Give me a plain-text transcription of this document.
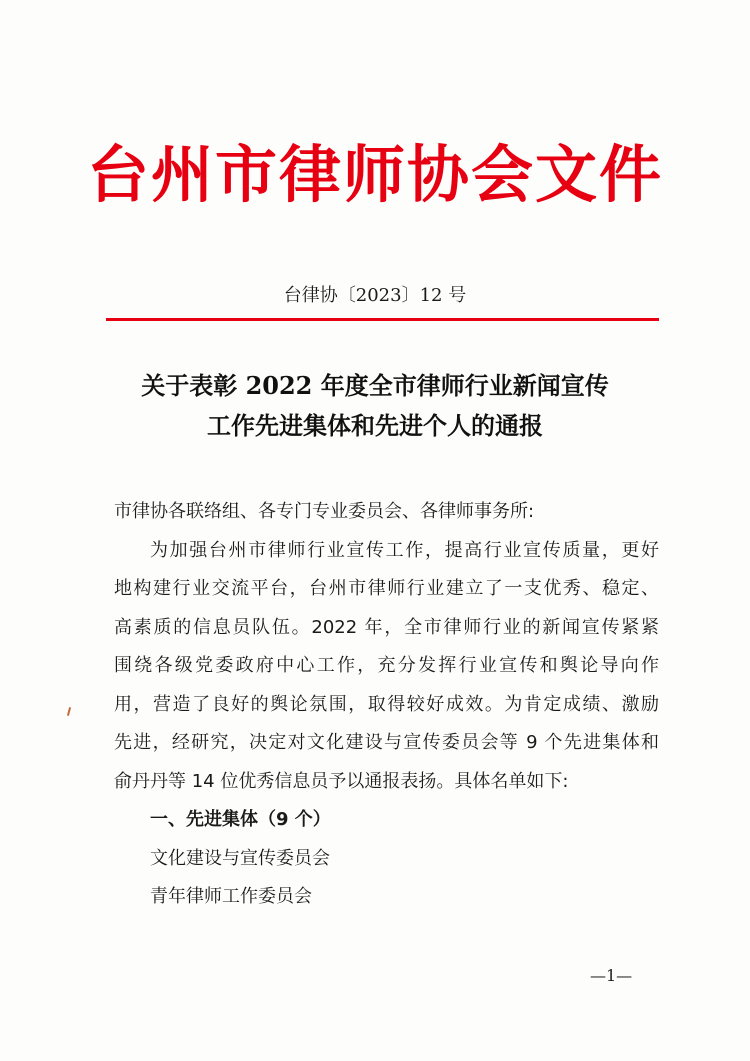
台州市律师协会文件
台律协〔2023〕12 号
关于表彰 2022 年度全市律师行业新闻宣传
工作先进集体和先进个人的通报
市律协各联络组、各专门专业委员会、各律师事务所:
为加强台州市律师行业宣传工作，提高行业宣传质量，更好
地构建行业交流平台，台州市律师行业建立了一支优秀、稳定、
高素质的信息员队伍。2022 年，全市律师行业的新闻宣传紧紧
围绕各级党委政府中心工作，充分发挥行业宣传和舆论导向作
用，营造了良好的舆论氛围，取得较好成效。为肯定成绩、激励
先进，经研究，决定对文化建设与宣传委员会等 9 个先进集体和
俞丹丹等 14 位优秀信息员予以通报表扬。具体名单如下:
一、先进集体（9 个）
文化建设与宣传委员会
青年律师工作委员会
—1—
